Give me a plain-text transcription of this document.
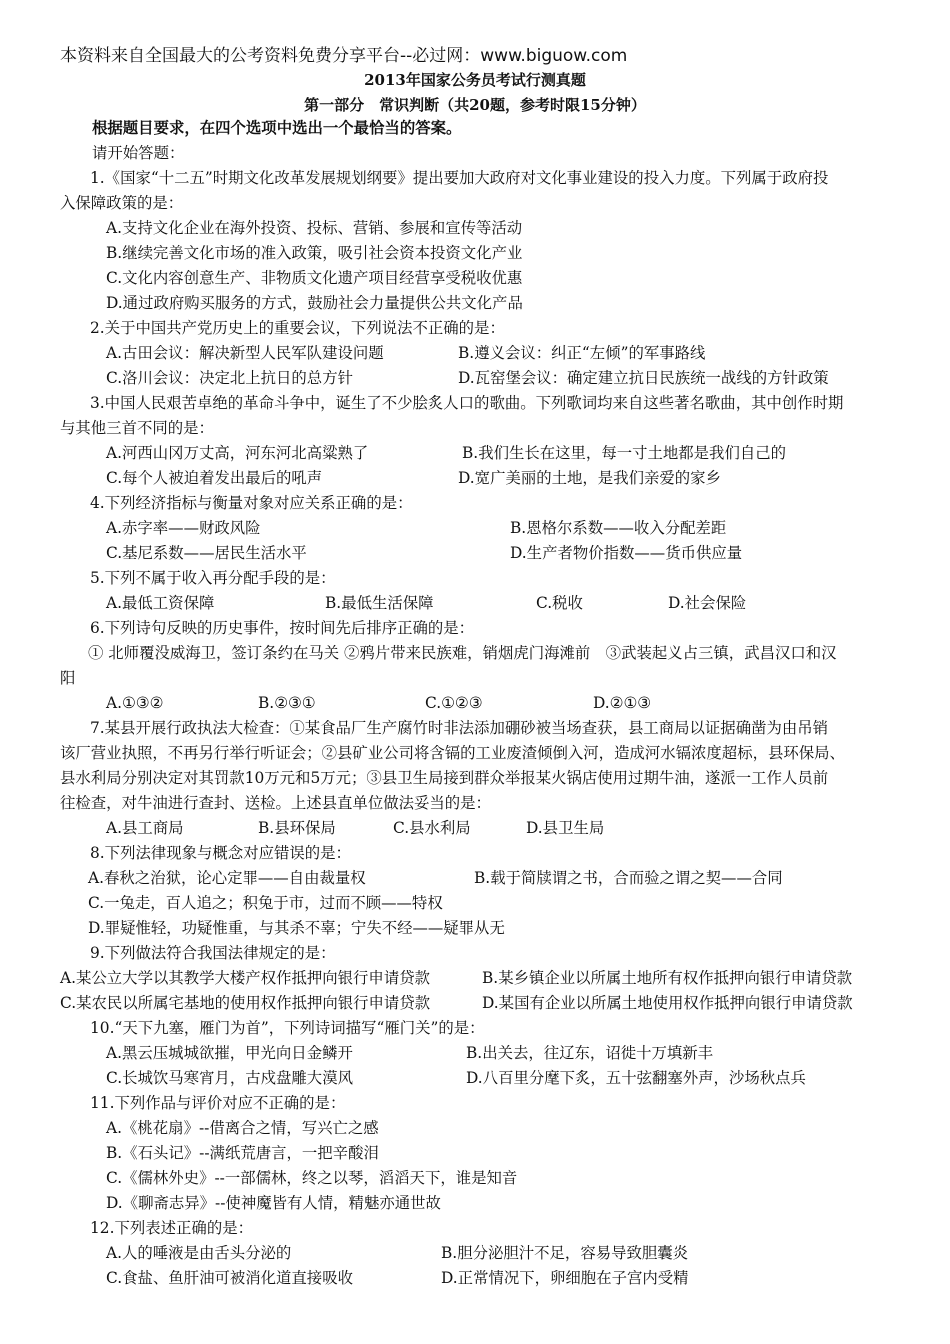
本资料来自全国最大的公考资料免费分享平台--必过网：www.biguow.com
2013年国家公务员考试行测真题
第一部分　常识判断（共20题，参考时限15分钟）
根据题目要求，在四个选项中选出一个最恰当的答案。
请开始答题：
1.《国家“十二五”时期文化改革发展规划纲要》提出要加大政府对文化事业建设的投入力度。下列属于政府投
入保障政策的是：
A.支持文化企业在海外投资、投标、营销、参展和宣传等活动
B.继续完善文化市场的准入政策，吸引社会资本投资文化产业
C.文化内容创意生产、非物质文化遗产项目经营享受税收优惠
D.通过政府购买服务的方式，鼓励社会力量提供公共文化产品
2.关于中国共产党历史上的重要会议，下列说法不正确的是：
A.古田会议：解决新型人民军队建设问题	B.遵义会议：纠正“左倾”的军事路线
C.洛川会议：决定北上抗日的总方针	D.瓦窑堡会议：确定建立抗日民族统一战线的方针政策
3.中国人民艰苦卓绝的革命斗争中，诞生了不少脍炙人口的歌曲。下列歌词均来自这些著名歌曲，其中创作时期
与其他三首不同的是：
A.河西山冈万丈高，河东河北高粱熟了	B.我们生长在这里，每一寸土地都是我们自己的
C.每个人被迫着发出最后的吼声	D.宽广美丽的土地，是我们亲爱的家乡
4.下列经济指标与衡量对象对应关系正确的是：
A.赤字率——财政风险	B.恩格尔系数——收入分配差距
C.基尼系数——居民生活水平	D.生产者物价指数——货币供应量
5.下列不属于收入再分配手段的是：
A.最低工资保障	B.最低生活保障	C.税收	D.社会保险
6.下列诗句反映的历史事件，按时间先后排序正确的是：
① 北师覆没威海卫，签订条约在马关 ②鸦片带来民族难，销烟虎门海滩前　③武装起义占三镇，武昌汉口和汉
阳
A.①③②	B.②③①	C.①②③	D.②①③
7.某县开展行政执法大检查：①某食品厂生产腐竹时非法添加硼砂被当场查获，县工商局以证据确凿为由吊销
该厂营业执照，不再另行举行听证会；②县矿业公司将含镉的工业废渣倾倒入河，造成河水镉浓度超标，县环保局、
县水利局分别决定对其罚款10万元和5万元；③县卫生局接到群众举报某火锅店使用过期牛油，遂派一工作人员前
往检查，对牛油进行查封、送检。上述县直单位做法妥当的是：
A.县工商局	B.县环保局	C.县水利局	D.县卫生局
8.下列法律现象与概念对应错误的是：
A.春秋之治狱，论心定罪——自由裁量权	B.载于简牍谓之书，合而验之谓之契——合同
C.一兔走，百人追之；积兔于市，过而不顾——特权
D.罪疑惟轻，功疑惟重，与其杀不辜；宁失不经——疑罪从无
9.下列做法符合我国法律规定的是：
A.某公立大学以其教学大楼产权作抵押向银行申请贷款	B.某乡镇企业以所属土地所有权作抵押向银行申请贷款
C.某农民以所属宅基地的使用权作抵押向银行申请贷款	D.某国有企业以所属土地使用权作抵押向银行申请贷款
10.“天下九塞，雁门为首”，下列诗词描写“雁门关”的是：
A.黑云压城城欲摧，甲光向日金鳞开	B.出关去，往辽东，诏徙十万填新丰
C.长城饮马寒宵月，古戍盘雕大漠风	D.八百里分麾下炙，五十弦翻塞外声，沙场秋点兵
11.下列作品与评价对应不正确的是：
A.《桃花扇》--借离合之情，写兴亡之感
B.《石头记》--满纸荒唐言，一把辛酸泪
C.《儒林外史》--一部儒林，终之以琴，滔滔天下，谁是知音
D.《聊斋志异》--使神魔皆有人情，精魅亦通世故
12.下列表述正确的是：
A.人的唾液是由舌头分泌的	B.胆分泌胆汁不足，容易导致胆囊炎
C.食盐、鱼肝油可被消化道直接吸收	D.正常情况下，卵细胞在子宫内受精
